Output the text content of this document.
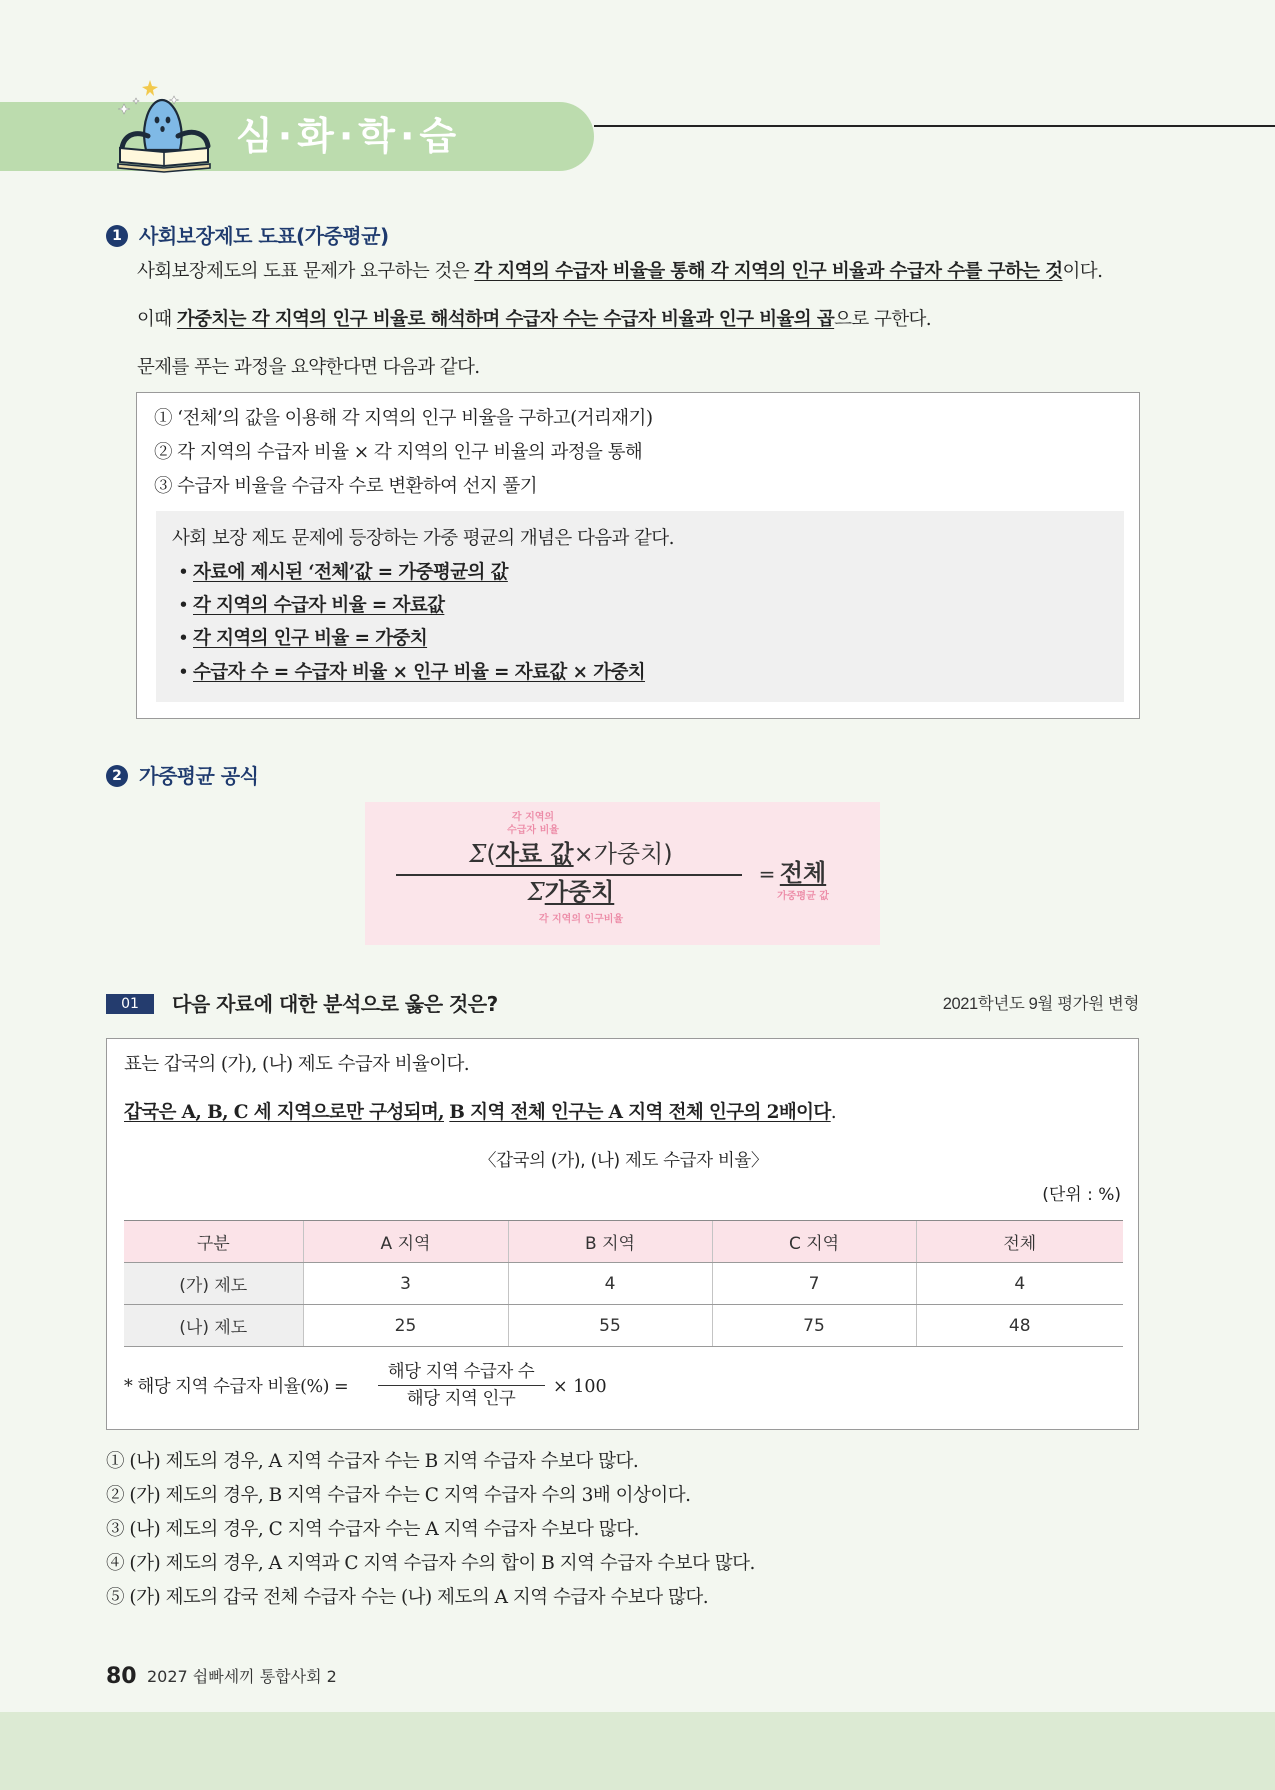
심·화·학·습
1 사회보장제도 도표(가중평균)
사회보장제도의 도표 문제가 요구하는 것은 각 지역의 수급자 비율을 통해 각 지역의 인구 비율과 수급자 수를 구하는 것이다.
이때 가중치는 각 지역의 인구 비율로 해석하며 수급자 수는 수급자 비율과 인구 비율의 곱으로 구한다.
문제를 푸는 과정을 요약한다면 다음과 같다.
① ‘전체’의 값을 이용해 각 지역의 인구 비율을 구하고(거리재기)
② 각 지역의 수급자 비율 × 각 지역의 인구 비율의 과정을 통해
③ 수급자 비율을 수급자 수로 변환하여 선지 풀기
사회 보장 제도 문제에 등장하는 가중 평균의 개념은 다음과 같다.
• 자료에 제시된 ‘전체’값 = 가중평균의 값
• 각 지역의 수급자 비율 = 자료값
• 각 지역의 인구 비율 = 가중치
• 수급자 수 = 수급자 비율 × 인구 비율 = 자료값 × 가중치
2 가중평균 공식
각 지역의
수급자 비율
Σ(자료 값×가중치)
Σ가중치
각 지역의 인구비율
= 전체
가중평균 값
01	다음 자료에 대한 분석으로 옳은 것은?	2021학년도 9월 평가원 변형
표는 갑국의 (가), (나) 제도 수급자 비율이다.
갑국은 A, B, C 세 지역으로만 구성되며, B 지역 전체 인구는 A 지역 전체 인구의 2배이다.
〈갑국의 (가), (나) 제도 수급자 비율〉
(단위 : %)
구분	A 지역	B 지역	C 지역	전체
(가) 제도	3	4	7	4
(나) 제도	25	55	75	48
* 해당 지역 수급자 비율(%) =
해당 지역 수급자 수
해당 지역 인구
× 100
① (나) 제도의 경우, A 지역 수급자 수는 B 지역 수급자 수보다 많다.
② (가) 제도의 경우, B 지역 수급자 수는 C 지역 수급자 수의 3배 이상이다.
③ (나) 제도의 경우, C 지역 수급자 수는 A 지역 수급자 수보다 많다.
④ (가) 제도의 경우, A 지역과 C 지역 수급자 수의 합이 B 지역 수급자 수보다 많다.
⑤ (가) 제도의 갑국 전체 수급자 수는 (나) 제도의 A 지역 수급자 수보다 많다.
80 2027 쉽빠세끼 통합사회 2
